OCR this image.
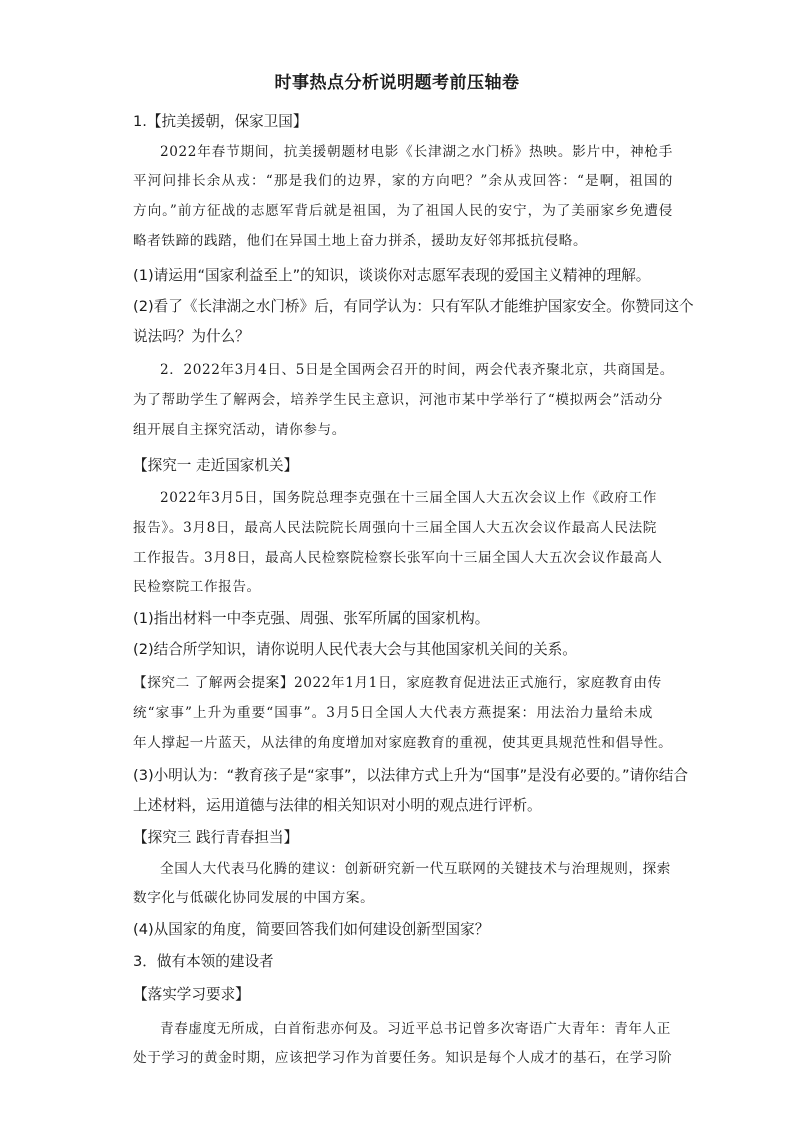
时事热点分析说明题考前压轴卷
1.【抗美援朝，保家卫国】
2022年春节期间，抗美援朝题材电影《长津湖之水门桥》热映。影片中，神枪手
平河问排长余从戎：“那是我们的边界，家的方向吧？”余从戎回答：“是啊，祖国的
方向。”前方征战的志愿军背后就是祖国，为了祖国人民的安宁，为了美丽家乡免遭侵
略者铁蹄的践踏，他们在异国土地上奋力拼杀，援助友好邻邦抵抗侵略。
(1)请运用“国家利益至上”的知识，谈谈你对志愿军表现的爱国主义精神的理解。
(2)看了《长津湖之水门桥》后，有同学认为：只有军队才能维护国家安全。你赞同这个
说法吗？为什么？
2．2022年3月4日、5日是全国两会召开的时间，两会代表齐聚北京，共商国是。
为了帮助学生了解两会，培养学生民主意识，河池市某中学举行了“模拟两会”活动分
组开展自主探究活动，请你参与。
【探究一 走近国家机关】
2022年3月5日，国务院总理李克强在十三届全国人大五次会议上作《政府工作
报告》。3月8日，最高人民法院院长周强向十三届全国人大五次会议作最高人民法院
工作报告。3月8日，最高人民检察院检察长张军向十三届全国人大五次会议作最高人
民检察院工作报告。
(1)指出材料一中李克强、周强、张军所属的国家机构。
(2)结合所学知识，请你说明人民代表大会与其他国家机关间的关系。
【探究二 了解两会提案】2022年1月1日，家庭教育促进法正式施行，家庭教育由传
统“家事”上升为重要“国事”。3月5日全国人大代表方燕提案：用法治力量给未成
年人撑起一片蓝天，从法律的角度增加对家庭教育的重视，使其更具规范性和倡导性。
(3)小明认为：“教育孩子是“家事”，以法律方式上升为“国事”是没有必要的。”请你结合
上述材料，运用道德与法律的相关知识对小明的观点进行评析。
【探究三 践行青春担当】
全国人大代表马化腾的建议：创新研究新一代互联网的关键技术与治理规则，探索
数字化与低碳化协同发展的中国方案。
(4)从国家的角度，简要回答我们如何建设创新型国家？
3．做有本领的建设者
【落实学习要求】
青春虚度无所成，白首衔悲亦何及。习近平总书记曾多次寄语广大青年：青年人正
处于学习的黄金时期，应该把学习作为首要任务。知识是每个人成才的基石，在学习阶
